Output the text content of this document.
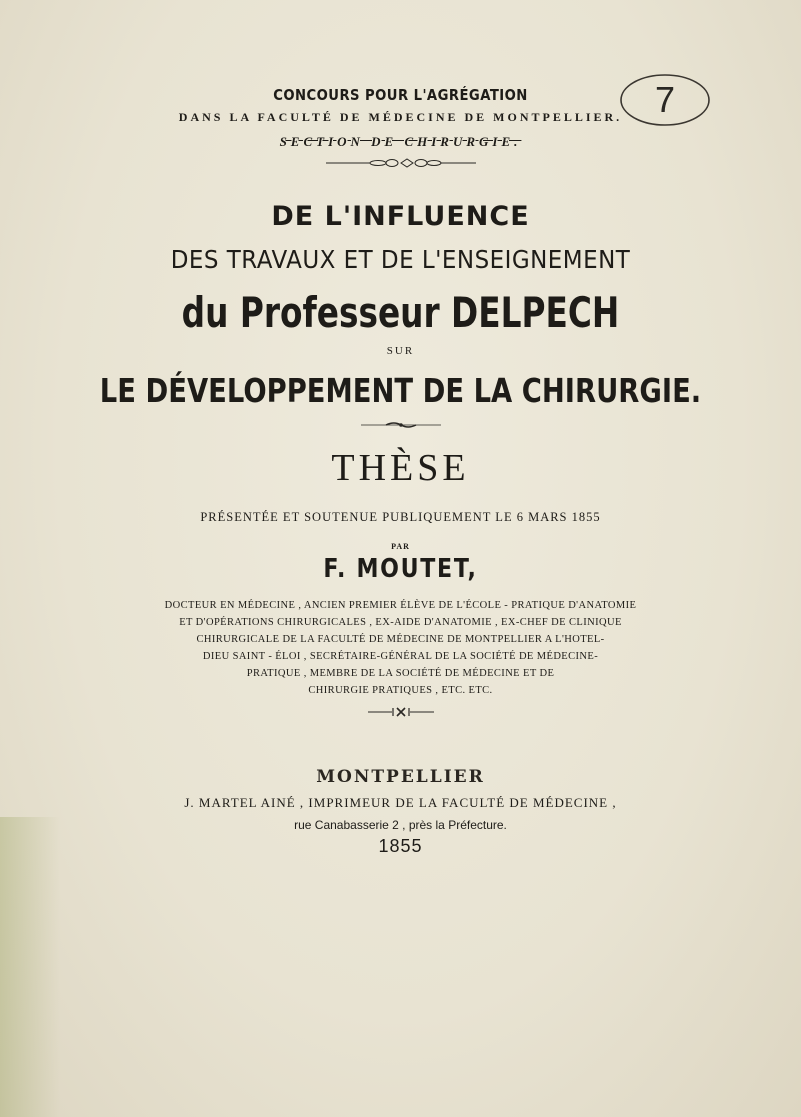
7
CONCOURS POUR L'AGRÉGATION
DANS LA FACULTÉ DE MÉDECINE DE MONTPELLIER.
SECTION DE CHIRURGIE.
DE L'INFLUENCE
DES TRAVAUX ET DE L'ENSEIGNEMENT
du Professeur DELPECH
SUR
LE DÉVELOPPEMENT DE LA CHIRURGIE.
THÈSE
PRÉSENTÉE ET SOUTENUE PUBLIQUEMENT LE 6 MARS 1855
PAR
F. MOUTET,
DOCTEUR EN MÉDECINE , ANCIEN PREMIER ÉLÈVE DE L'ÉCOLE - PRATIQUE D'ANATOMIE
ET D'OPÉRATIONS CHIRURGICALES , EX-AIDE D'ANATOMIE , EX-CHEF DE CLINIQUE
CHIRURGICALE DE LA FACULTÉ DE MÉDECINE DE MONTPELLIER A L'HOTEL-
DIEU SAINT - ÉLOI , SECRÉTAIRE-GÉNÉRAL DE LA SOCIÉTÉ DE MÉDECINE-
PRATIQUE , MEMBRE DE LA SOCIÉTÉ DE MÉDECINE ET DE
CHIRURGIE PRATIQUES , ETC. ETC.
MONTPELLIER
J. MARTEL AINÉ , IMPRIMEUR DE LA FACULTÉ DE MÉDECINE ,
rue Canabasserie 2 , près la Préfecture.
1855
